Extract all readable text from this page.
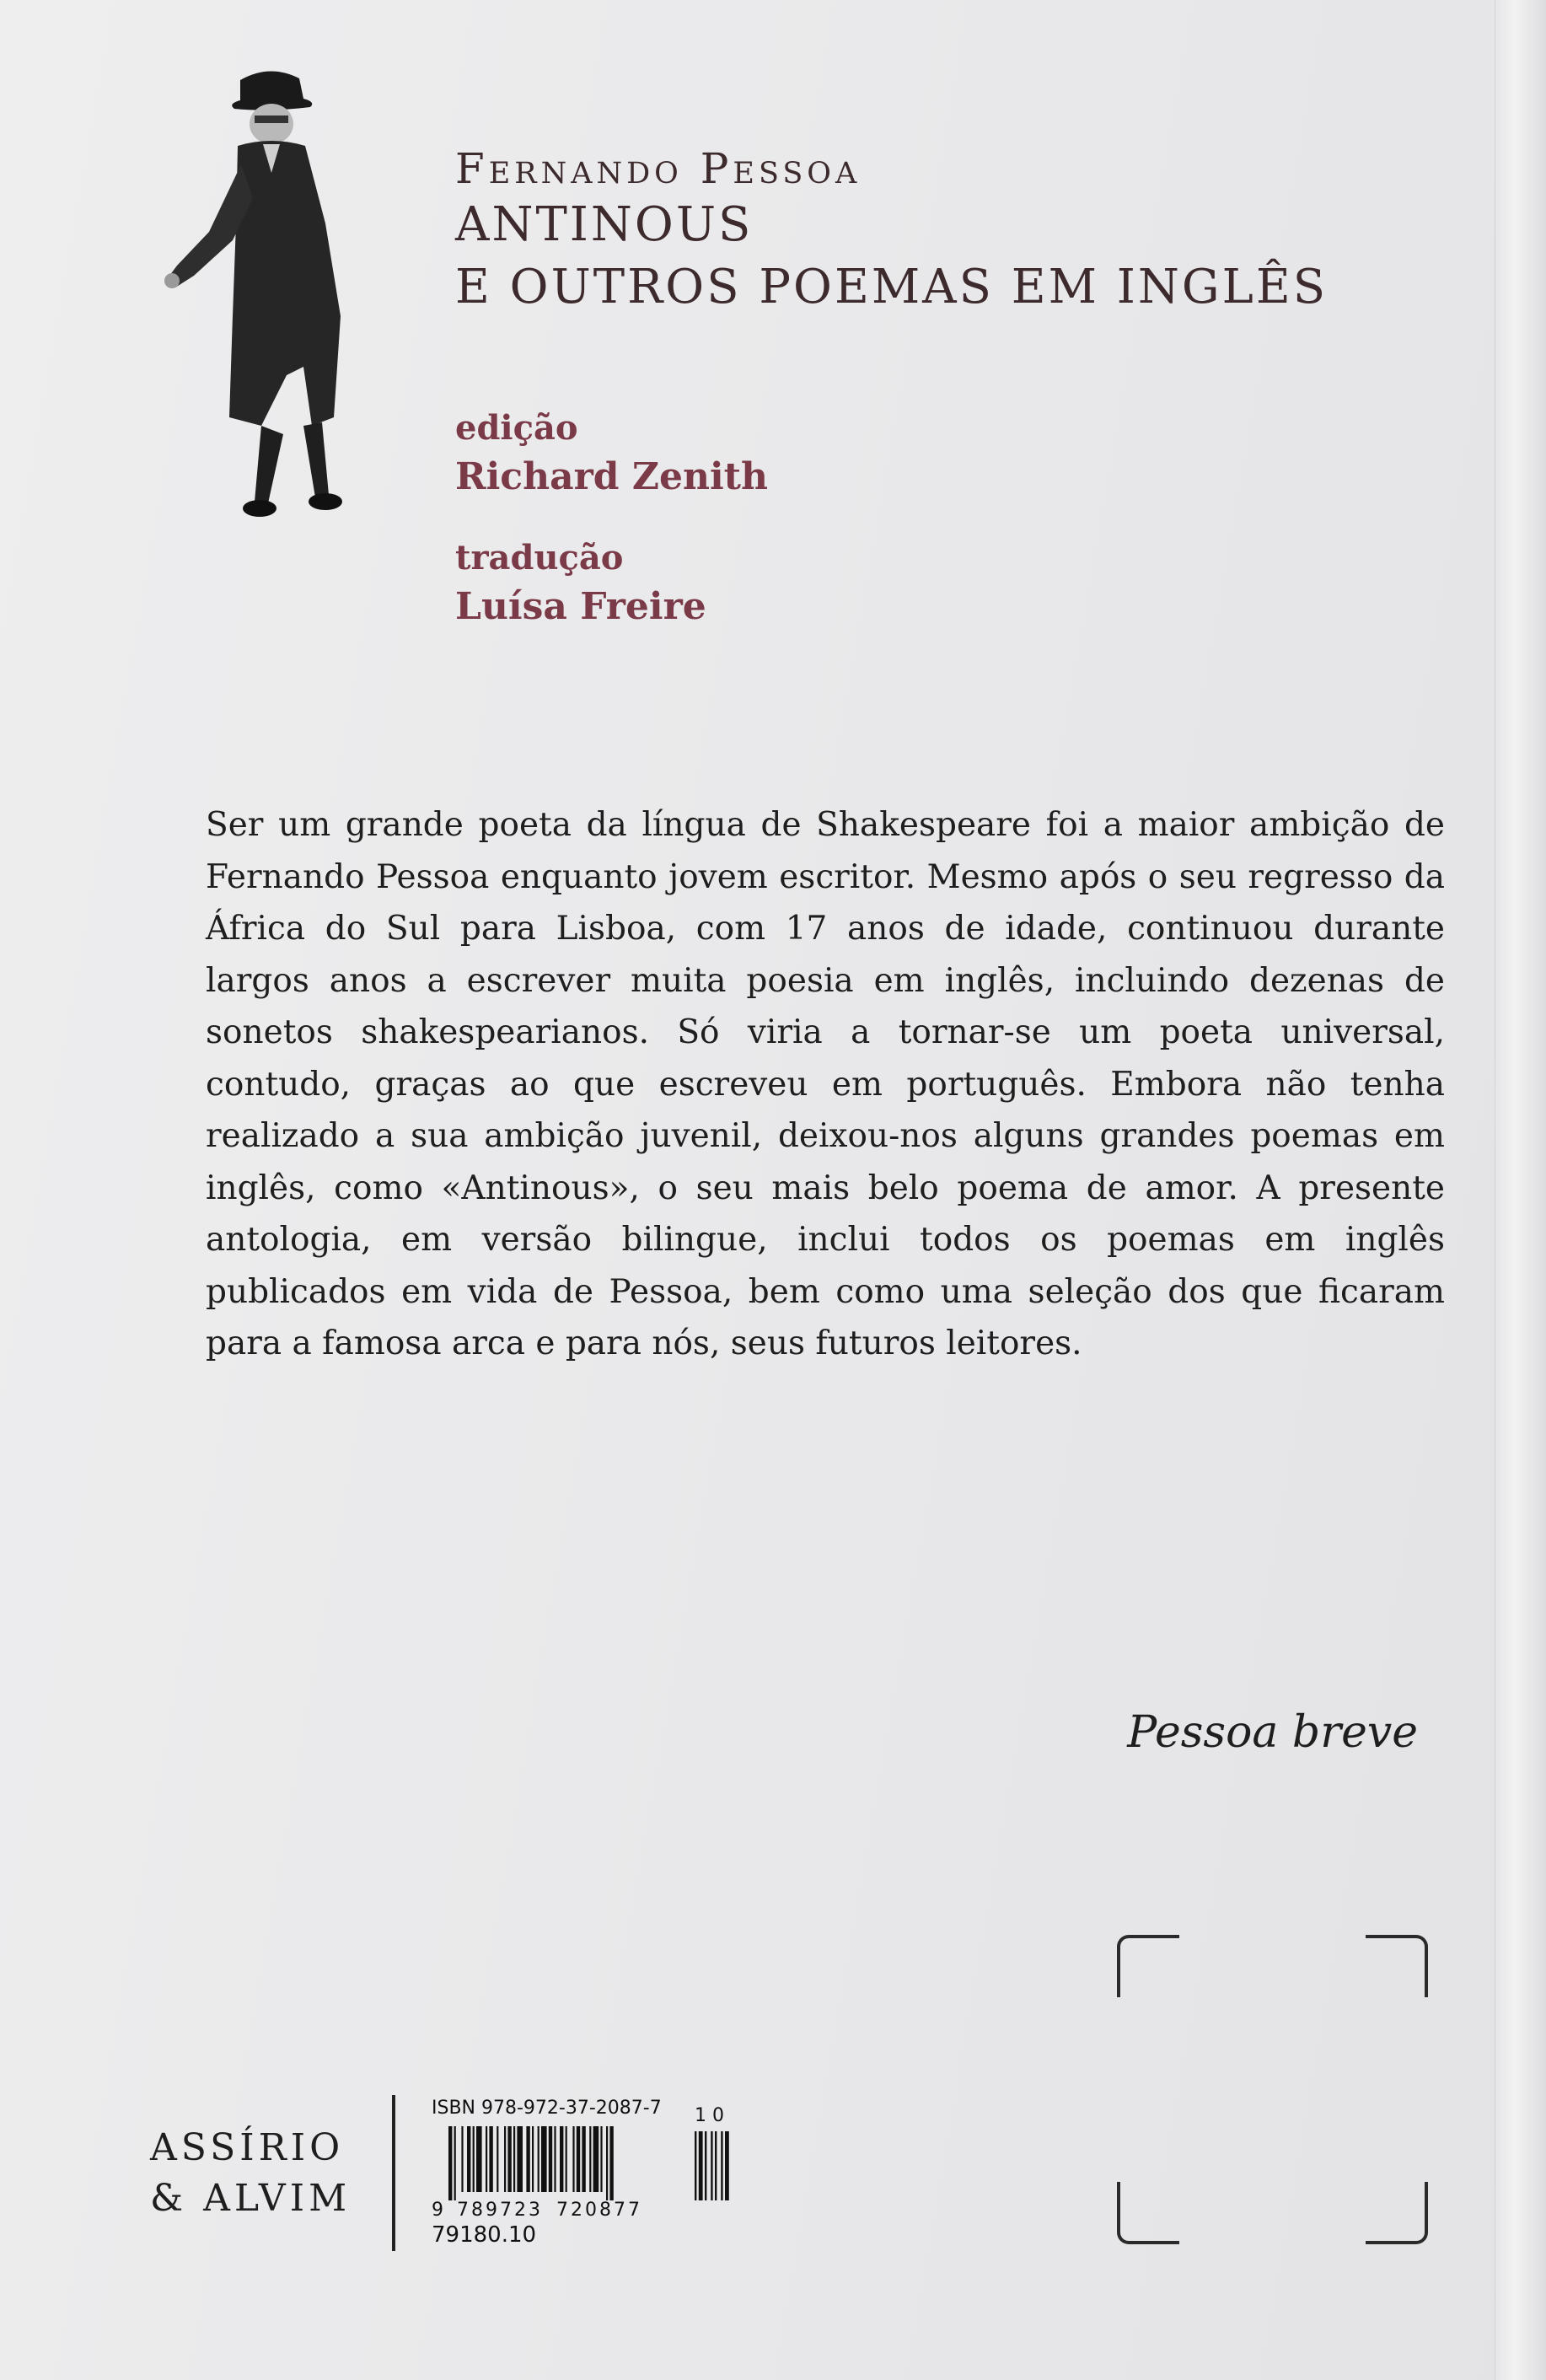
Fernando Pessoa

ANTINOUS

E OUTROS POEMAS EM INGLÊS

edição
Richard Zenith
tradução
Luísa Freire

Ser um grande poeta da língua de Shakespeare foi a maior ambição de Fernando Pessoa enquanto jovem escritor. Mesmo após o seu regresso da África do Sul para Lisboa, com 17 anos de idade, continuou durante largos anos a escrever muita poesia em inglês, incluindo dezenas de sonetos shakespearianos. Só viria a tornar-se um poeta universal, contudo, graças ao que escreveu em português. Embora não tenha realizado a sua ambição juvenil, deixou-nos alguns grandes poemas em inglês, como «Antinous», o seu mais belo poema de amor. A presente antologia, em versão bilingue, inclui todos os poemas em inglês publicados em vida de Pessoa, bem como uma seleção dos que ficaram para a famosa arca e para nós, seus futuros leitores.

Pessoa breve
ASSÍRIO
& ALVIM
ISBN 978-972-37-2087-7
9 789723 720877
1 0
79180.10
